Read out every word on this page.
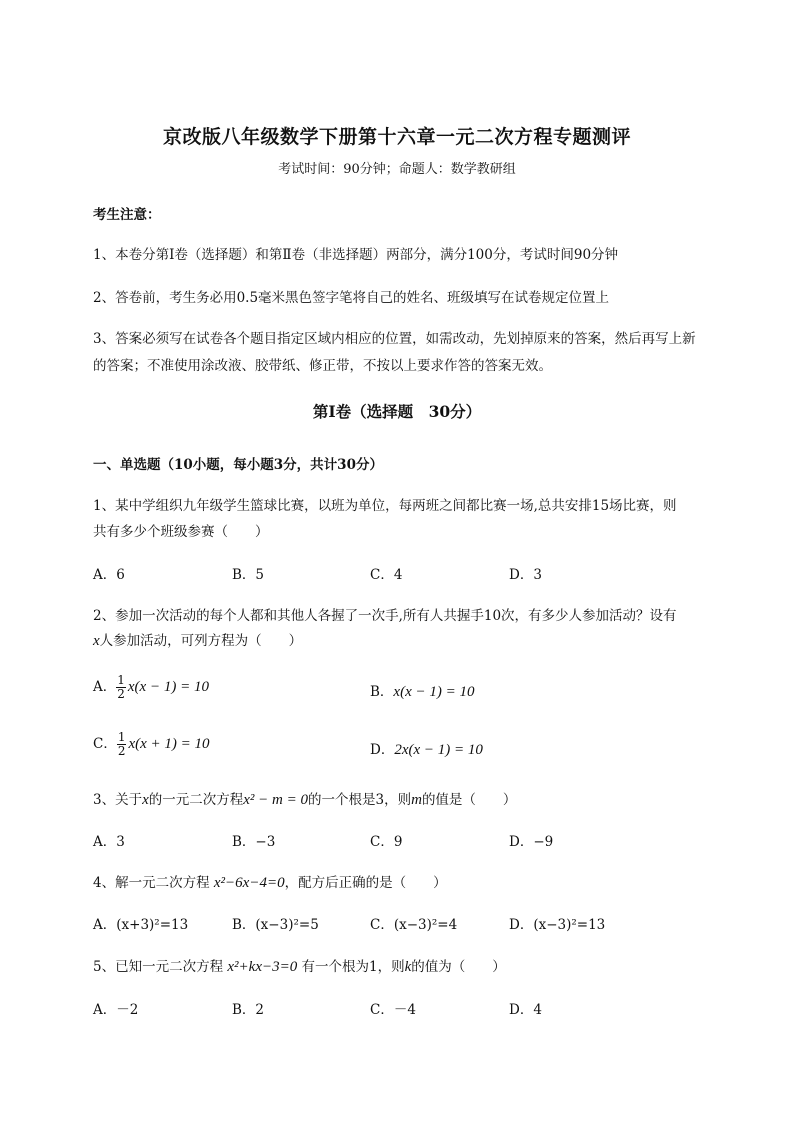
京改版八年级数学下册第十六章一元二次方程专题测评
考试时间：90分钟；命题人：数学教研组
考生注意：
1、本卷分第I卷（选择题）和第Ⅱ卷（非选择题）两部分，满分100分，考试时间90分钟
2、答卷前，考生务必用0.5毫米黑色签字笔将自己的姓名、班级填写在试卷规定位置上
3、答案必须写在试卷各个题目指定区域内相应的位置，如需改动，先划掉原来的答案，然后再写上新
的答案；不准使用涂改液、胶带纸、修正带，不按以上要求作答的答案无效。
第I卷（选择题　30分）
一、单选题（10小题，每小题3分，共计30分）
1、某中学组织九年级学生篮球比赛，以班为单位，每两班之间都比赛一场,总共安排15场比赛，则
共有多少个班级参赛（　　）
A．6	B．5	C．4	D．3
2、参加一次活动的每个人都和其他人各握了一次手,所有人共握手10次，有多少人参加活动？设有
x人参加活动，可列方程为（　　）
A． $\frac{1}{2} x(x - 1) = 10$	B．x(x − 1) = 10
C． $\frac{1}{2} x(x + 1) = 10$	D．2x(x − 1) = 10
3、关于x的一元二次方程x² − m = 0的一个根是3，则m的值是（　　）
A．3	B．−3	C．9	D．−9
4、解一元二次方程 x²−6x−4=0，配方后正确的是（　　）
A．(x+3)²=13	B．(x−3)²=5	C．(x−3)²=4	D．(x−3)²=13
5、已知一元二次方程 x²+kx−3=0 有一个根为1，则k的值为（　　）
A．－2	B．2	C．－4	D．4
